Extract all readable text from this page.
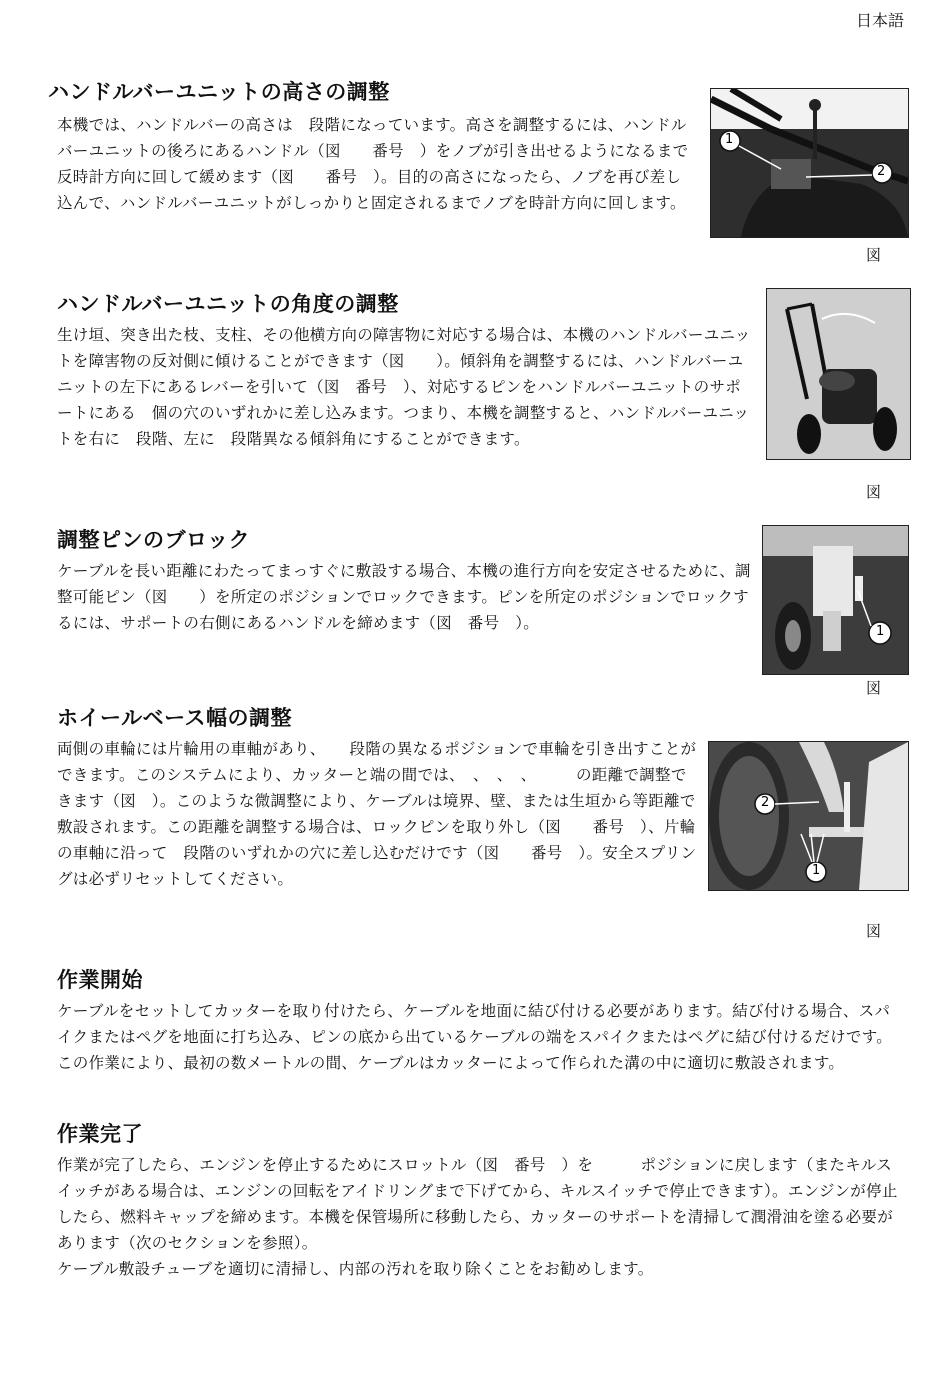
日本語
ハンドルバーユニットの高さの調整

本機では、ハンドルバーの高さは　段階になっています。高さを調整するには、ハンドルバーユニットの後ろにあるハンドル（図　　番号　）をノブが引き出せるようになるまで反時計方向に回して緩めます（図　　番号　）。目的の高さになったら、ノブを再び差し込んで、ハンドルバーユニットがしっかりと固定されるまでノブを時計方向に回します。

1
2
図
ハンドルバーユニットの角度の調整

生け垣、突き出た枝、支柱、その他横方向の障害物に対応する場合は、本機のハンドルバーユニットを障害物の反対側に傾けることができます（図　　）。傾斜角を調整するには、ハンドルバーユニットの左下にあるレバーを引いて（図　番号　）、対応するピンをハンドルバーユニットのサポートにある　個の穴のいずれかに差し込みます。つまり、本機を調整すると、ハンドルバーユニットを右に　段階、左に　段階異なる傾斜角にすることができます。

図
調整ピンのブロック

ケーブルを長い距離にわたってまっすぐに敷設する場合、本機の進行方向を安定させるために、調整可能ピン（図　　）を所定のポジションでロックできます。ピンを所定のポジションでロックするには、サポートの右側にあるハンドルを締めます（図　番号　）。	1
図
ホイールベース幅の調整

両側の車輪には片輪用の車軸があり、　　段階の異なるポジションで車輪を引き出すことができます。このシステムにより、カッターと端の間では、　、　、　、　　　の距離で調整できます（図　）。このような微調整により、ケーブルは境界、壁、または生垣から等距離で敷設されます。この距離を調整する場合は、ロックピンを取り外し（図　　番号　）、片輪の車軸に沿って　段階のいずれかの穴に差し込むだけです（図　　番号　）。安全スプリングは必ずリセットしてください。

2
1
図
作業開始

ケーブルをセットしてカッターを取り付けたら、ケーブルを地面に結び付ける必要があります。結び付ける場合、スパイクまたはペグを地面に打ち込み、ピンの底から出ているケーブルの端をスパイクまたはペグに結び付けるだけです。この作業により、最初の数メートルの間、ケーブルはカッターによって作られた溝の中に適切に敷設されます。

作業完了

作業が完了したら、エンジンを停止するためにスロットル（図　番号　）を　　　ポジションに戻します（またキルスイッチがある場合は、エンジンの回転をアイドリングまで下げてから、キルスイッチで停止できます）。エンジンが停止したら、燃料キャップを締めます。本機を保管場所に移動したら、カッターのサポートを清掃して潤滑油を塗る必要があります（次のセクションを参照）。

ケーブル敷設チューブを適切に清掃し、内部の汚れを取り除くことをお勧めします。
